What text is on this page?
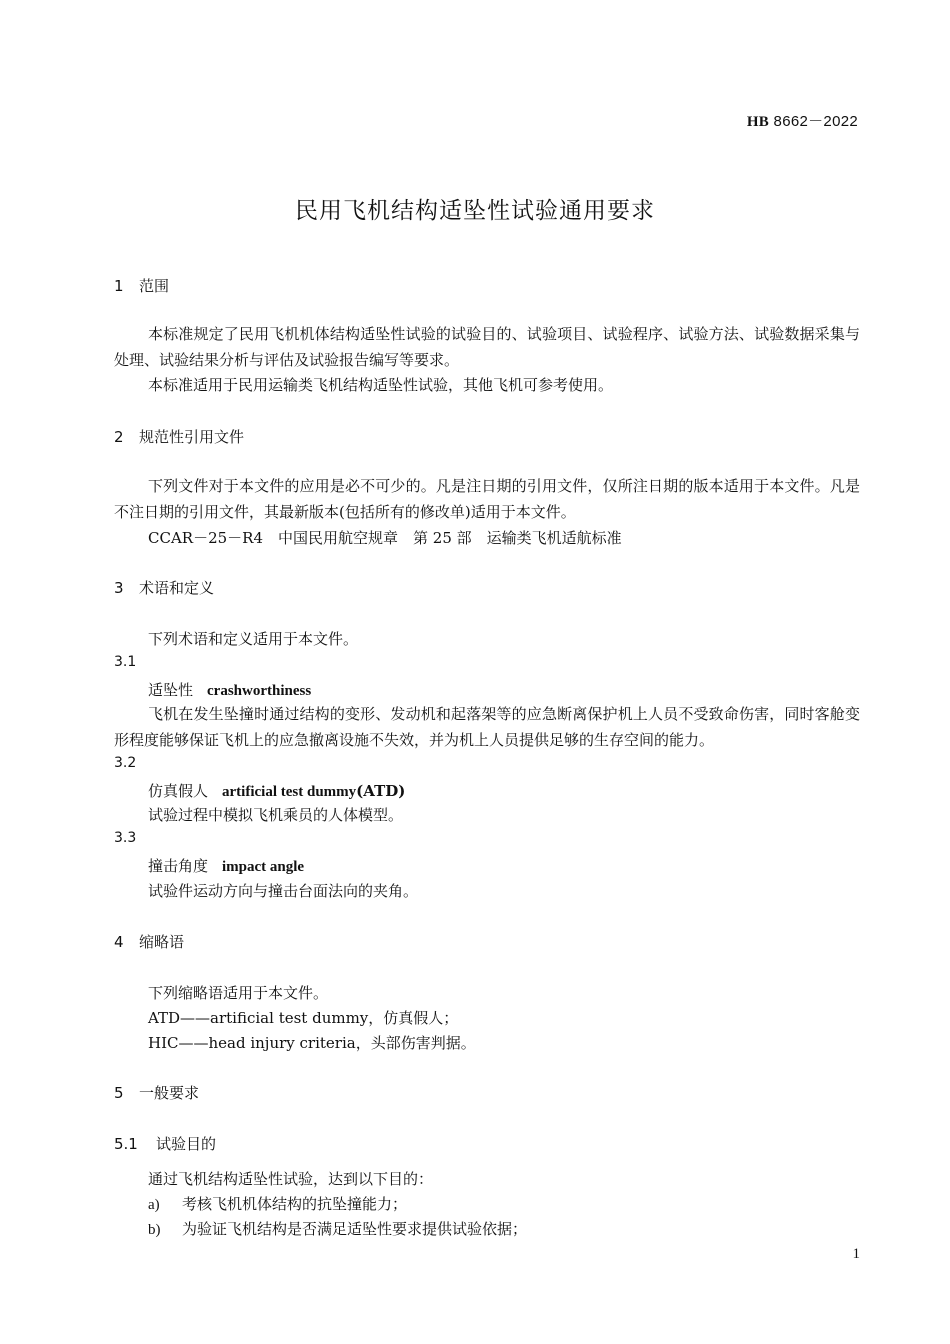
HB 8662－2022
民用飞机结构适坠性试验通用要求
1 范围
本标准规定了民用飞机机体结构适坠性试验的试验目的、试验项目、试验程序、试验方法、试验数据采集与处理、试验结果分析与评估及试验报告编写等要求。
本标准适用于民用运输类飞机结构适坠性试验，其他飞机可参考使用。
2 规范性引用文件
下列文件对于本文件的应用是必不可少的。凡是注日期的引用文件，仅所注日期的版本适用于本文件。凡是不注日期的引用文件，其最新版本(包括所有的修改单)适用于本文件。
CCAR－25－R4　中国民用航空规章　第 25 部　运输类飞机适航标准
3 术语和定义
下列术语和定义适用于本文件。
3.1
适坠性 crashworthiness
飞机在发生坠撞时通过结构的变形、发动机和起落架等的应急断离保护机上人员不受致命伤害，同时客舱变形程度能够保证飞机上的应急撤离设施不失效，并为机上人员提供足够的生存空间的能力。
3.2
仿真假人 artificial test dummy(ATD)
试验过程中模拟飞机乘员的人体模型。
3.3
撞击角度 impact angle
试验件运动方向与撞击台面法向的夹角。
4 缩略语
下列缩略语适用于本文件。
ATD——artificial test dummy，仿真假人；
HIC——head injury criteria，头部伤害判据。
5 一般要求
5.1 试验目的
通过飞机结构适坠性试验，达到以下目的：
a) 考核飞机机体结构的抗坠撞能力；
b) 为验证飞机结构是否满足适坠性要求提供试验依据；
1
